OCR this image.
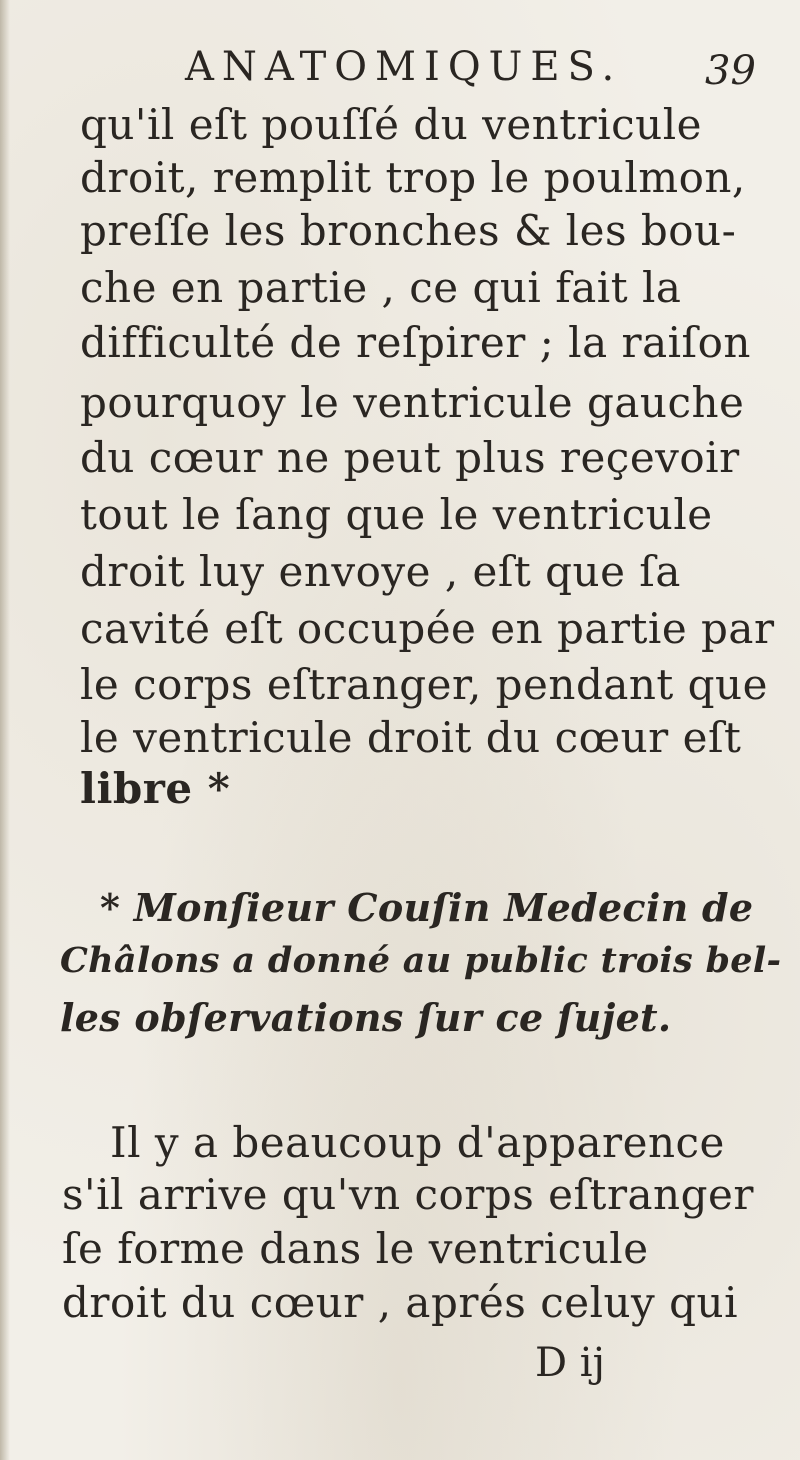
ANATOMIQUES. 39
qu'il eſt pouſſé du ventricule
droit, remplit trop le poulmon,
preſſe les bronches & les bou-
che en partie , ce qui fait la
difficulté de reſpirer ; la raiſon
pourquoy le ventricule gauche
du cœur ne peut plus reçevoir
tout le ſang que le ventricule
droit luy envoye , eſt que ſa
cavité eſt occupée en partie par
le corps eſtranger, pendant que
le ventricule droit du cœur eſt
libre *
* Monſieur Couſin Medecin de
Châlons a donné au public trois bel-
les obſervations ſur ce ſujet.
Il y a beaucoup d'apparence
s'il arrive qu'vn corps eſtranger
ſe forme dans le ventricule
droit du cœur , aprés celuy qui
D ij
